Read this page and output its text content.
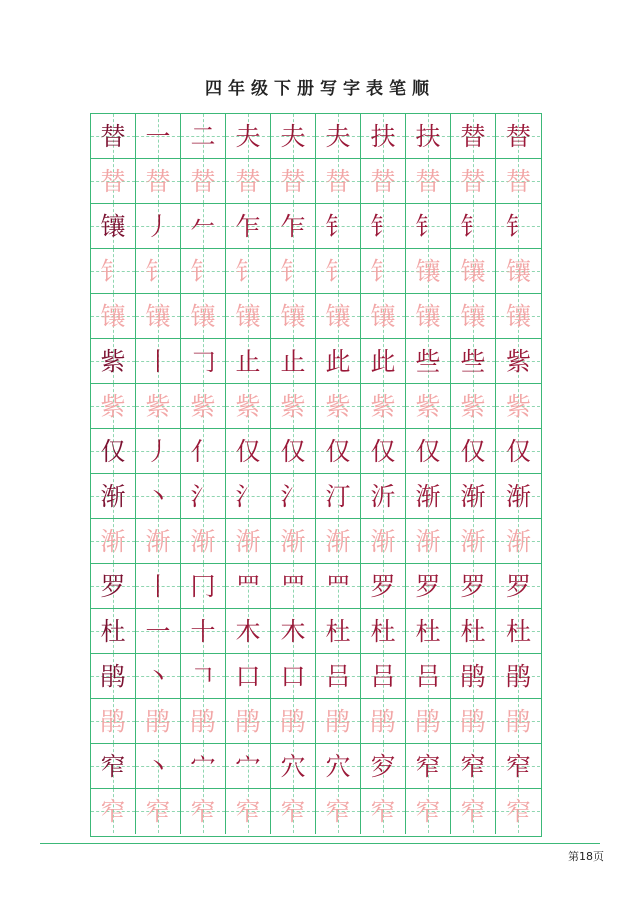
四年级下册写字表笔顺
替 一 二 夫 夫 夫 扶 扶 替 替
替 替 替 替 替 替 替 替 替 替
镶 丿 𠂉 乍 乍 钅 钅 钅 钅 钅
钅 钅 钅 钅 钅 钅 钅 镶 镶 镶
镶 镶 镶 镶 镶 镶 镶 镶 镶 镶
紫 丨 𠃌 止 止 此 此 些 些 紫
紫 紫 紫 紫 紫 紫 紫 紫 紫 紫
仅 丿 亻 仅 仅 仅 仅 仅 仅 仅
渐 丶 氵 氵 氵 汀 沂 渐 渐 渐
渐 渐 渐 渐 渐 渐 渐 渐 渐 渐
罗 丨 冂 罒 罒 罒 罗 罗 罗 罗
杜 一 十 木 木 杜 杜 杜 杜 杜
鹃 丶 𠃍 口 口 吕 吕 吕 鹃 鹃
鹃 鹃 鹃 鹃 鹃 鹃 鹃 鹃 鹃 鹃
窄 丶 宀 宀 穴 穴 穸 窄 窄 窄
窄 窄 窄 窄 窄 窄 窄 窄 窄 窄
第18页
